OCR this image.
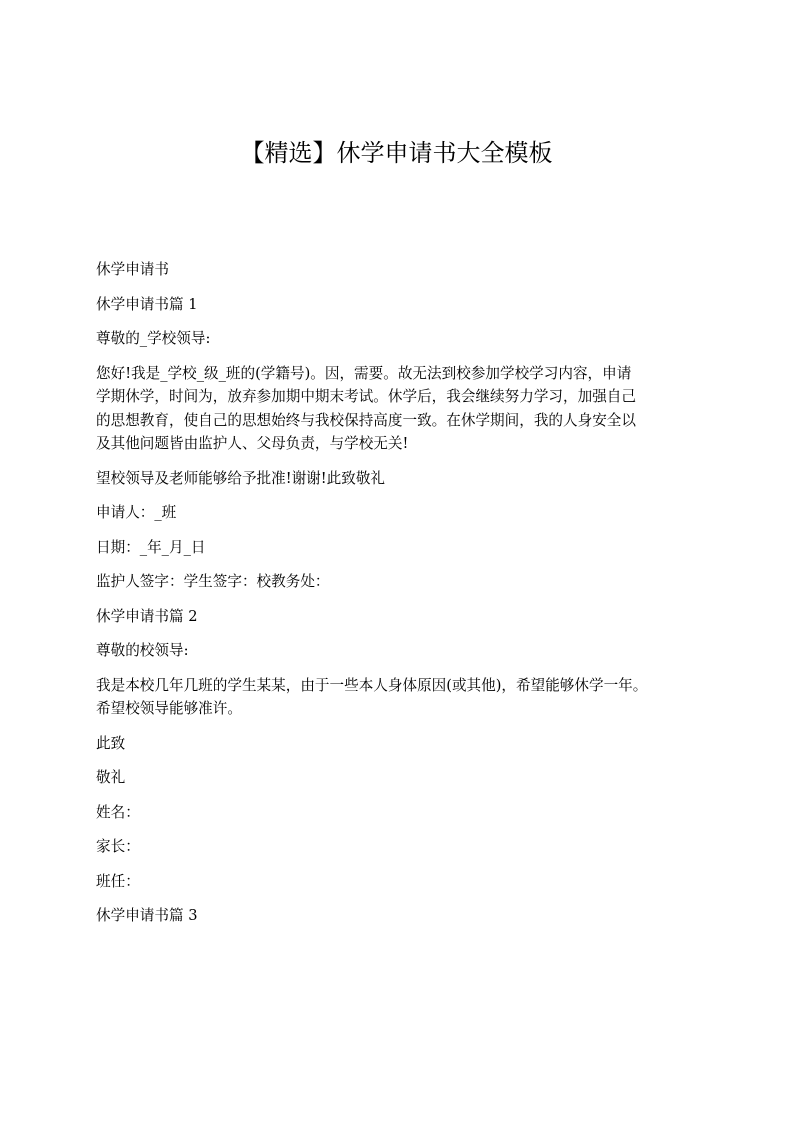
【精选】休学申请书大全模板

休学申请书

休学申请书篇 1

尊敬的_学校领导:

您好!我是_学校_级_班的(学籍号)。因，需要。故无法到校参加学校学习内容，申请
学期休学，时间为，放弃参加期中期末考试。休学后，我会继续努力学习，加强自己
的思想教育，使自己的思想始终与我校保持高度一致。在休学期间，我的人身安全以
及其他问题皆由监护人、父母负责，与学校无关!

望校领导及老师能够给予批准!谢谢!此致敬礼

申请人：_班

日期：_年_月_日

监护人签字：学生签字：校教务处：

休学申请书篇 2

尊敬的校领导:

我是本校几年几班的学生某某，由于一些本人身体原因(或其他)，希望能够休学一年。
希望校领导能够准许。

此致

敬礼

姓名：

家长：

班任：

休学申请书篇 3
